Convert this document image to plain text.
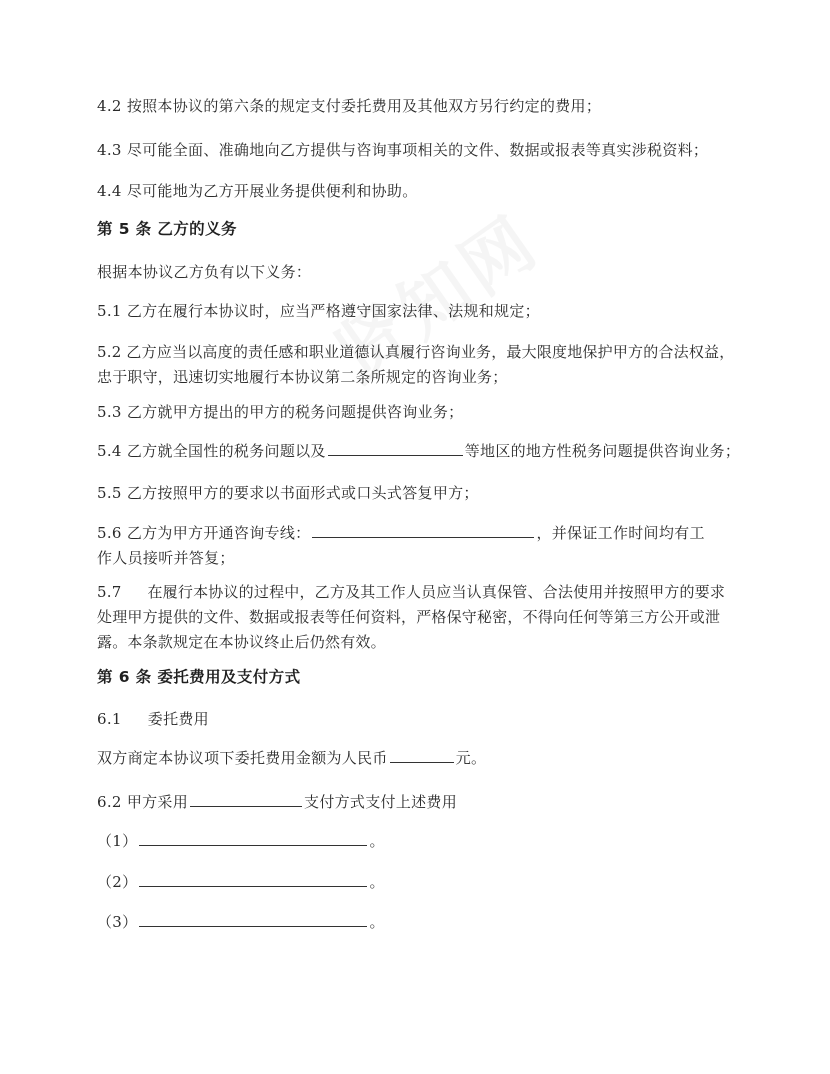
4.2 按照本协议的第六条的规定支付委托费用及其他双方另行约定的费用；
4.3 尽可能全面、准确地向乙方提供与咨询事项相关的文件、数据或报表等真实涉税资料；
4.4 尽可能地为乙方开展业务提供便利和协助。
第 5 条 乙方的义务
根据本协议乙方负有以下义务：
5.1 乙方在履行本协议时，应当严格遵守国家法律、法规和规定；
5.2 乙方应当以高度的责任感和职业道德认真履行咨询业务，最大限度地保护甲方的合法权益，忠于职守，迅速切实地履行本协议第二条所规定的咨询业务；
5.3 乙方就甲方提出的甲方的税务问题提供咨询业务；
5.4 乙方就全国性的税务问题以及	等地区的地方性税务问题提供咨询业务；
5.5 乙方按照甲方的要求以书面形式或口头式答复甲方；
5.6 乙方为甲方开通咨询专线：	，并保证工作时间均有工
作人员接听并答复；
5.7 在履行本协议的过程中，乙方及其工作人员应当认真保管、合法使用并按照甲方的要求处理甲方提供的文件、数据或报表等任何资料，严格保守秘密，不得向任何等第三方公开或泄露。本条款规定在本协议终止后仍然有效。
第 6 条 委托费用及支付方式
6.1 委托费用
双方商定本协议项下委托费用金额为人民币	元。
6.2 甲方采用	支付方式支付上述费用
（1）	。
（2）	。
（3）	。
